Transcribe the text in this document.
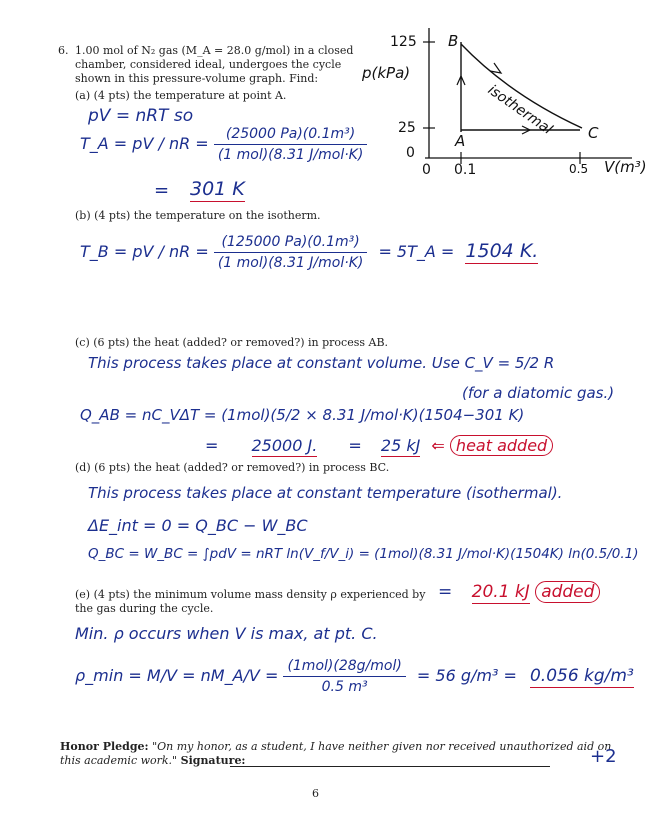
6. 1.00 mol of N₂ gas (M_A = 28.0 g/mol) in a closed
chamber, considered ideal, undergoes the cycle
shown in this pressure-volume graph. Find:	p(kPa)
125
25
0
0 0.1	0.5 V(m³)
B
A	C
isothermal
(a) (4 pts) the temperature at point A.
pV = nRT so
T_A = pV / nR = $\frac{\text{(25000 Pa)(0.1m³)}}{\text{(1 mol)(8.31 J/mol·K)}}$
= 301 K
(b) (4 pts) the temperature on the isotherm.
T_B = pV / nR = $\frac{\text{(125000 Pa)(0.1m³)}}{\text{(1 mol)(8.31 J/mol·K)}}$ = 5T_A = 1504 K.
(c) (6 pts) the heat (added? or removed?) in process AB.
This process takes place at constant volume. Use C_V = 5/2 R
(for a diatomic gas.)
Q_AB = nC_VΔT = (1mol)(5/2 × 8.31 J/mol·K)(1504−301 K)
= 25000 J. = 25 kJ ⇐ heat added
(d) (6 pts) the heat (added? or removed?) in process BC.
This process takes place at constant temperature (isothermal).
ΔE_int = 0 = Q_BC − W_BC
Q_BC = W_BC = ∫pdV = nRT ln(V_f/V_i) = (1mol)(8.31 J/mol·K)(1504K) ln(0.5/0.1)
= 20.1 kJ added
(e) (4 pts) the minimum volume mass density ρ experienced by
the gas during the cycle.
Min. ρ occurs when V is max, at pt. C.
ρ_min = M/V = nM_A/V = $\frac{\text{(1mol)(28g/mol)}}{\text{0.5 m³}} = 56$ g/m³ = 0.056 kg/m³
Honor Pledge: "On my honor, as a student, I have neither given nor received unauthorized aid on
this academic work." Signature:	+2
6
